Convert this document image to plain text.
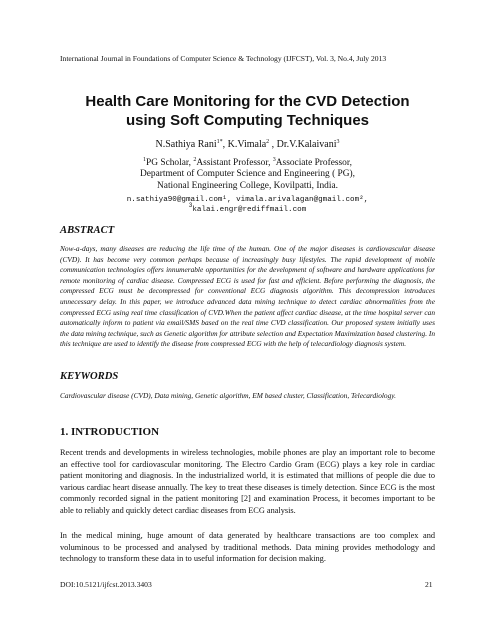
International Journal in Foundations of Computer Science & Technology (IJFCST), Vol. 3, No.4, July 2013
Health Care Monitoring for the CVD Detection
using Soft Computing Techniques
N.Sathiya Rani$^{1*}$, K.Vimala$^2$ , Dr.V.Kalaivani$^3$
$^1$PG Scholar, $^2$Assistant Professor, $^3$Associate Professor,
Department of Computer Science and Engineering ( PG),
National Engineering College, Kovilpatti, India.
n.sathiya90@gmail.com¹, vimala.arivalagan@gmail.com²,
$^3$kalai.engr@rediffmail.com
ABSTRACT
Now-a-days, many diseases are reducing the life time of the human. One of the major diseases is cardiovascular disease (CVD). It has become very common perhaps because of increasingly busy lifestyles. The rapid development of mobile communication technologies offers innumerable opportunities for the development of software and hardware applications for remote monitoring of cardiac disease. Compressed ECG is used for fast and efficient. Before performing the diagnosis, the compressed ECG must be decompressed for conventional ECG diagnosis algorithm. This decompression introduces unnecessary delay. In this paper, we introduce advanced data mining technique to detect cardiac abnormalities from the compressed ECG using real time classification of CVD.When the patient affect cardiac disease, at the time hospital server can automatically inform to patient via email/SMS based on the real time CVD classification. Our proposed system initially uses the data mining technique, such as Genetic algorithm for attribute selection and Expectation Maximization based clustering. In this technique are used to identify the disease from compressed ECG with the help of telecardiology diagnosis system.
KEYWORDS
Cardiovascular disease (CVD), Data mining, Genetic algorithm, EM based cluster, Classification, Telecardiology.
1. INTRODUCTION
Recent trends and developments in wireless technologies, mobile phones are play an important role to become an effective tool for cardiovascular monitoring. The Electro Cardio Gram (ECG) plays a key role in cardiac patient monitoring and diagnosis. In the industrialized world, it is estimated that millions of people die due to various cardiac heart disease annually. The key to treat these diseases is timely detection. Since ECG is the most commonly recorded signal in the patient monitoring [2] and examination Process, it becomes important to be able to reliably and quickly detect cardiac diseases from ECG analysis.
In the medical mining, huge amount of data generated by healthcare transactions are too complex and voluminous to be processed and analysed by traditional methods. Data mining provides methodology and technology to transform these data in to useful information for decision making.
DOI:10.5121/ijfcst.2013.3403	21
